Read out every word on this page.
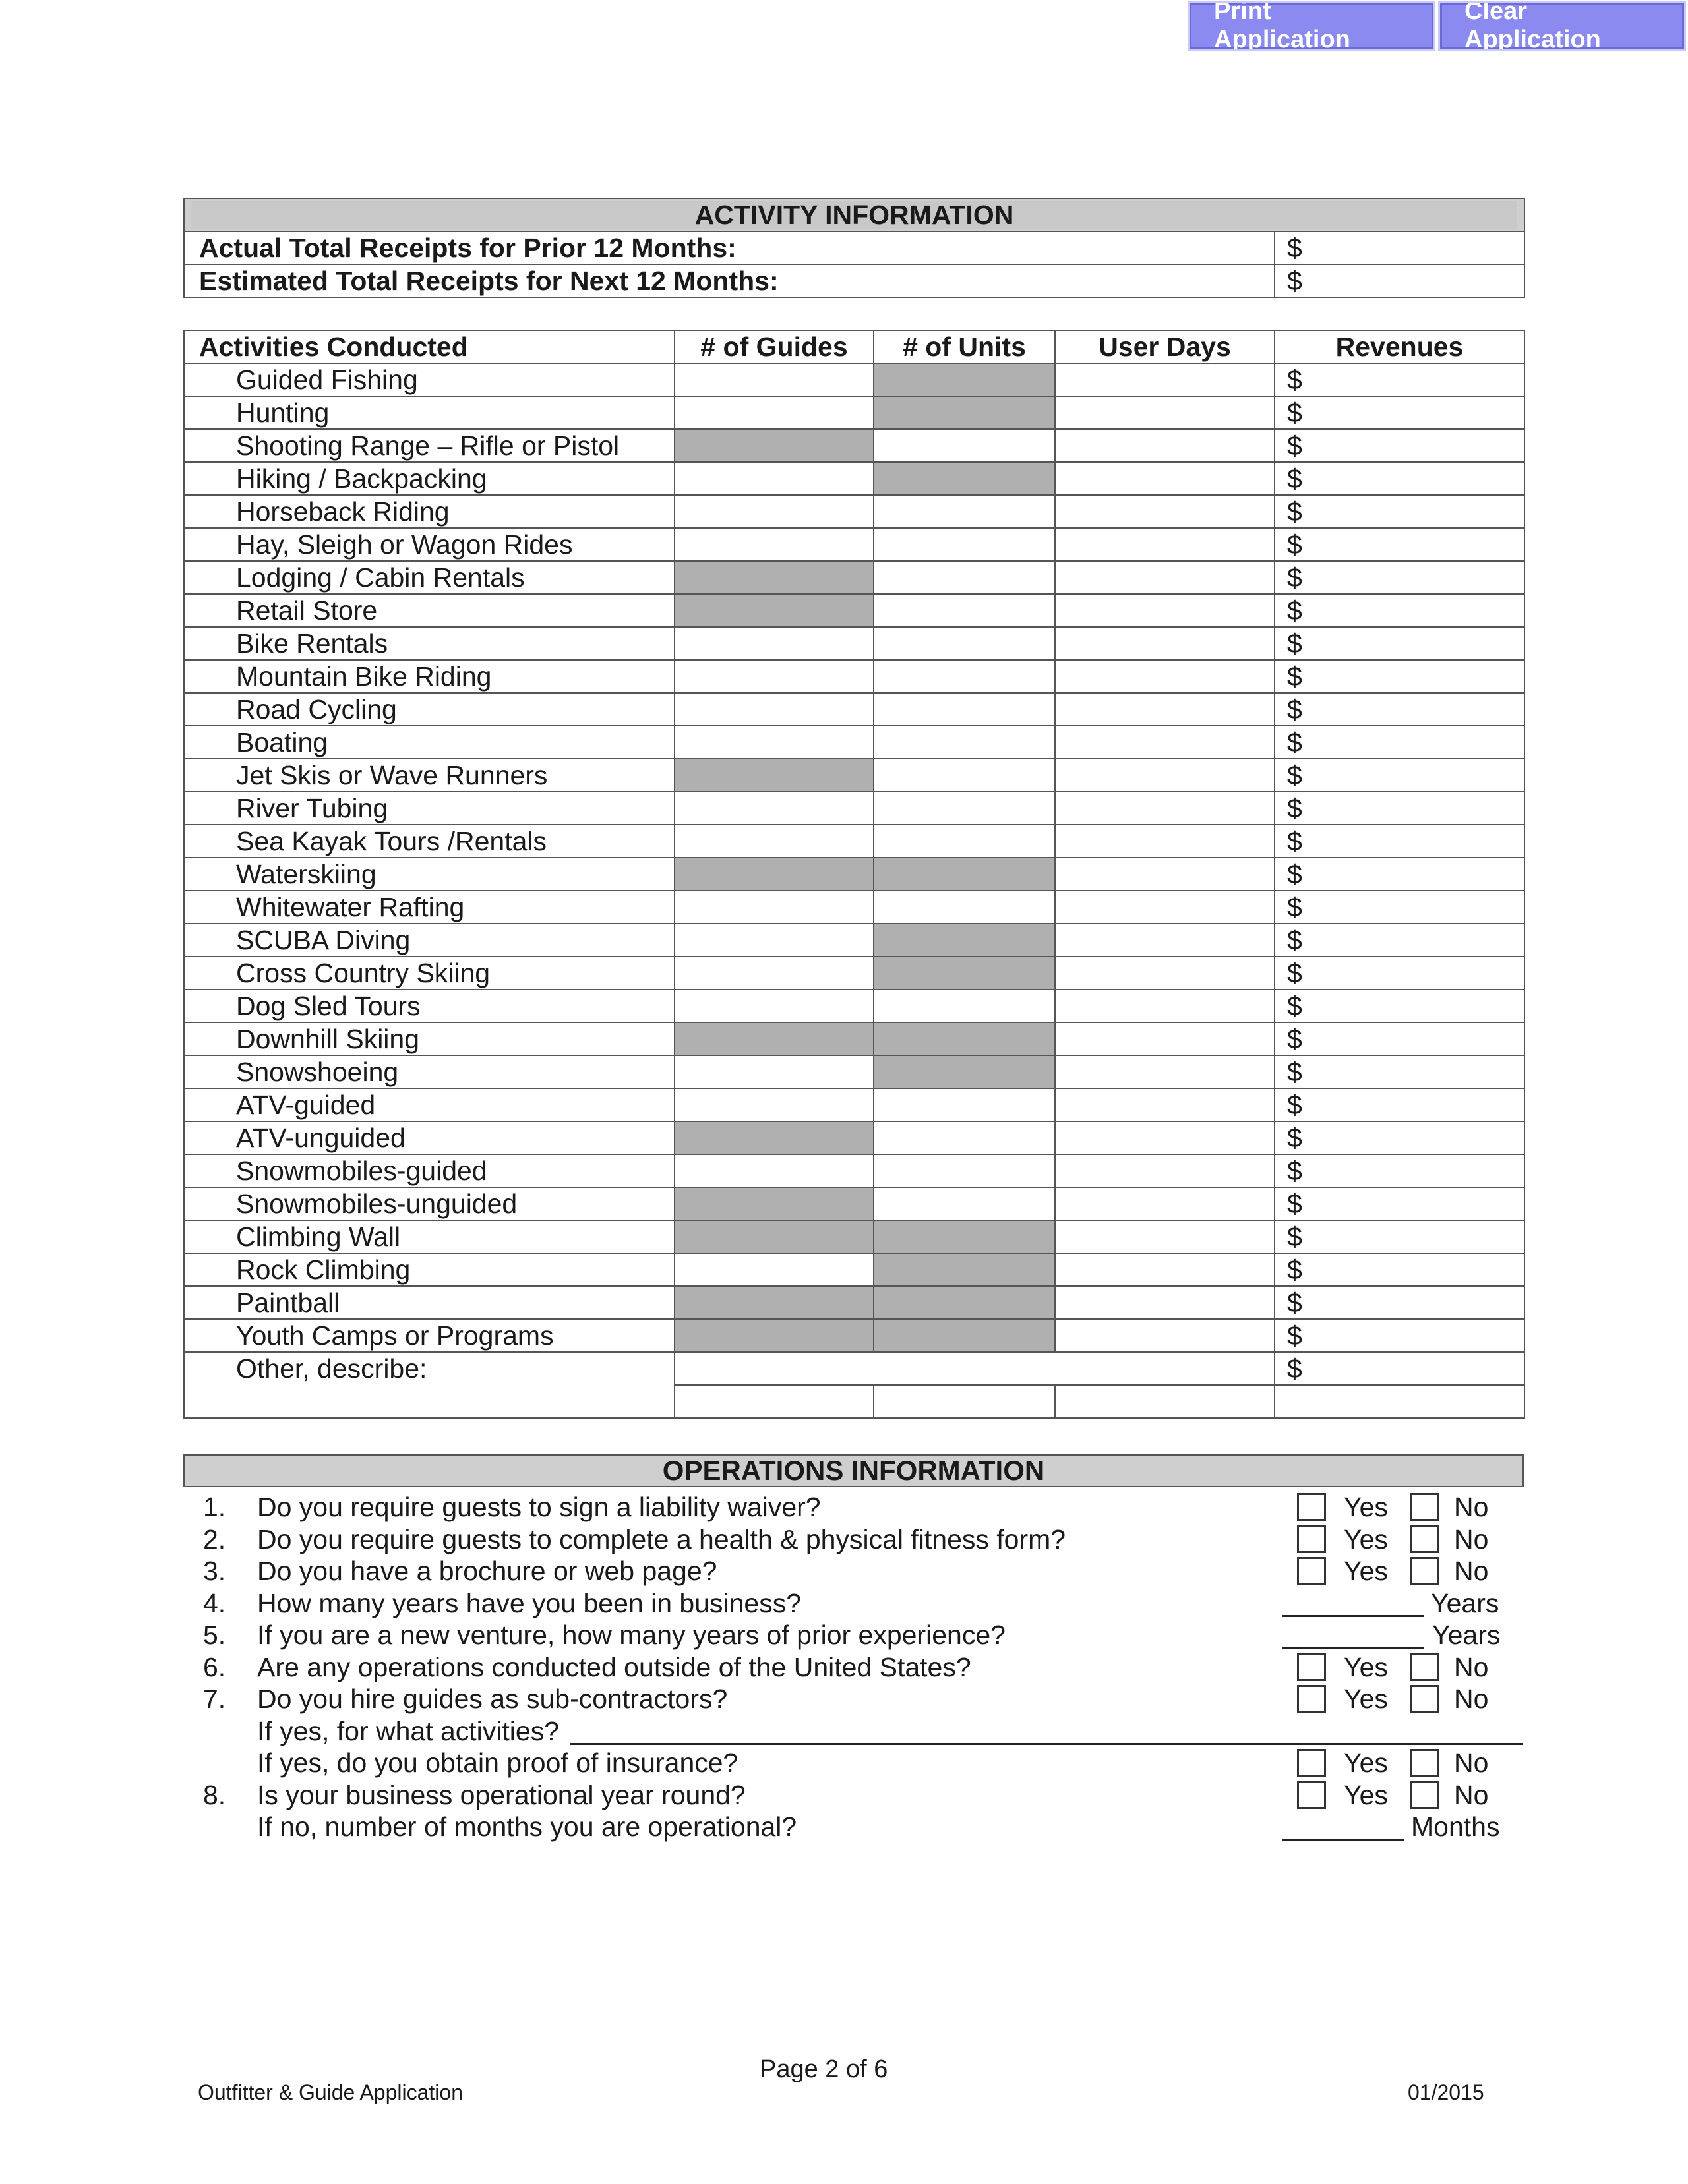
Print Application
Clear Application
ACTIVITY INFORMATION	

Actual Total Receipts for Prior 12 Months:	$
Estimated Total Receipts for Next 12 Months:	$
Activities Conducted	# of Guides	# of Units	User Days	Revenues
Guided Fishing				$
Hunting				$
Shooting Range – Rifle or Pistol				$
Hiking / Backpacking				$
Horseback Riding				$
Hay, Sleigh or Wagon Rides				$
Lodging / Cabin Rentals				$
Retail Store				$
Bike Rentals				$
Mountain Bike Riding				$
Road Cycling				$
Boating				$
Jet Skis or Wave Runners				$
River Tubing				$
Sea Kayak Tours /Rentals				$
Waterskiing				$
Whitewater Rafting				$
SCUBA Diving				$
Cross Country Skiing				$
Dog Sled Tours				$
Downhill Skiing				$
Snowshoeing				$
ATV-guided				$
ATV-unguided				$
Snowmobiles-guided				$
Snowmobiles-unguided				$
Climbing Wall				$
Rock Climbing				$
Paintball				$
Youth Camps or Programs				$
Other, describe:				$

OPERATIONS INFORMATION
1.	Do you require guests to sign a liability waiver?	Yes No
2.	Do you require guests to complete a health & physical fitness form?	Yes No
3.	Do you have a brochure or web page?	Yes No
4.	How many years have you been in business?	Years
5.	If you are a new venture, how many years of prior experience?	Years
6.	Are any operations conducted outside of the United States?	Yes No
7.	Do you hire guides as sub-contractors?	Yes No
If yes, for what activities?
If yes, do you obtain proof of insurance?	Yes No
8.	Is your business operational year round?	Yes No
If no, number of months you are operational?	Months
Outfitter & Guide Application
Page 2 of 6
01/2015
